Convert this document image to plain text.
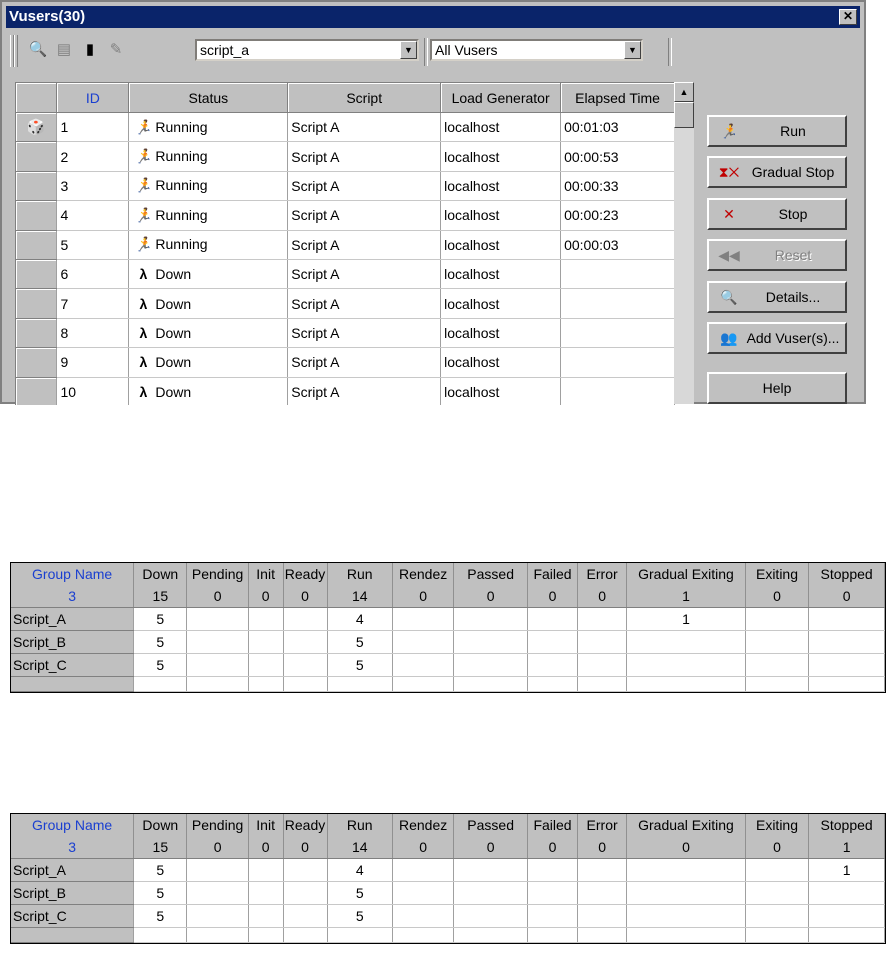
Vusers(30)	✕
🔍 ▤ ▮	✎	script_a	▼	All Vusers	▼
	ID	Status	Script	Load Generator	Elapsed Time
🎲	1	🏃 Running	Script A	localhost	00:01:03
	2	🏃 Running	Script A	localhost	00:00:53
	3	🏃 Running	Script A	localhost	00:00:33
	4	🏃 Running	Script A	localhost	00:00:23
	5	🏃 Running	Script A	localhost	00:00:03
	6	λ Down	Script A	localhost	
	7	λ Down	Script A	localhost	
	8	λ Down	Script A	localhost	
	9	λ Down	Script A	localhost	
	10	λ Down	Script A	localhost	
▲
🏃	Run
⧗✕ Gradual Stop
✕	Stop
◀◀	Reset
🔍	Details...
👥 Add Vuser(s)...
Help
Group Name	Down	Pending	Init	Ready	Run	Rendez	Passed	Failed	Error	Gradual Exiting	Exiting	Stopped
3	15	0	0	0	14	0	0	0	0	1	0	0
Script_A	5				4					1		
Script_B	5				5							
Script_C	5				5							

Group Name	Down	Pending	Init	Ready	Run	Rendez	Passed	Failed	Error	Gradual Exiting	Exiting	Stopped
3	15	0	0	0	14	0	0	0	0	0	0	1
Script_A	5				4							1
Script_B	5				5							
Script_C	5				5							
